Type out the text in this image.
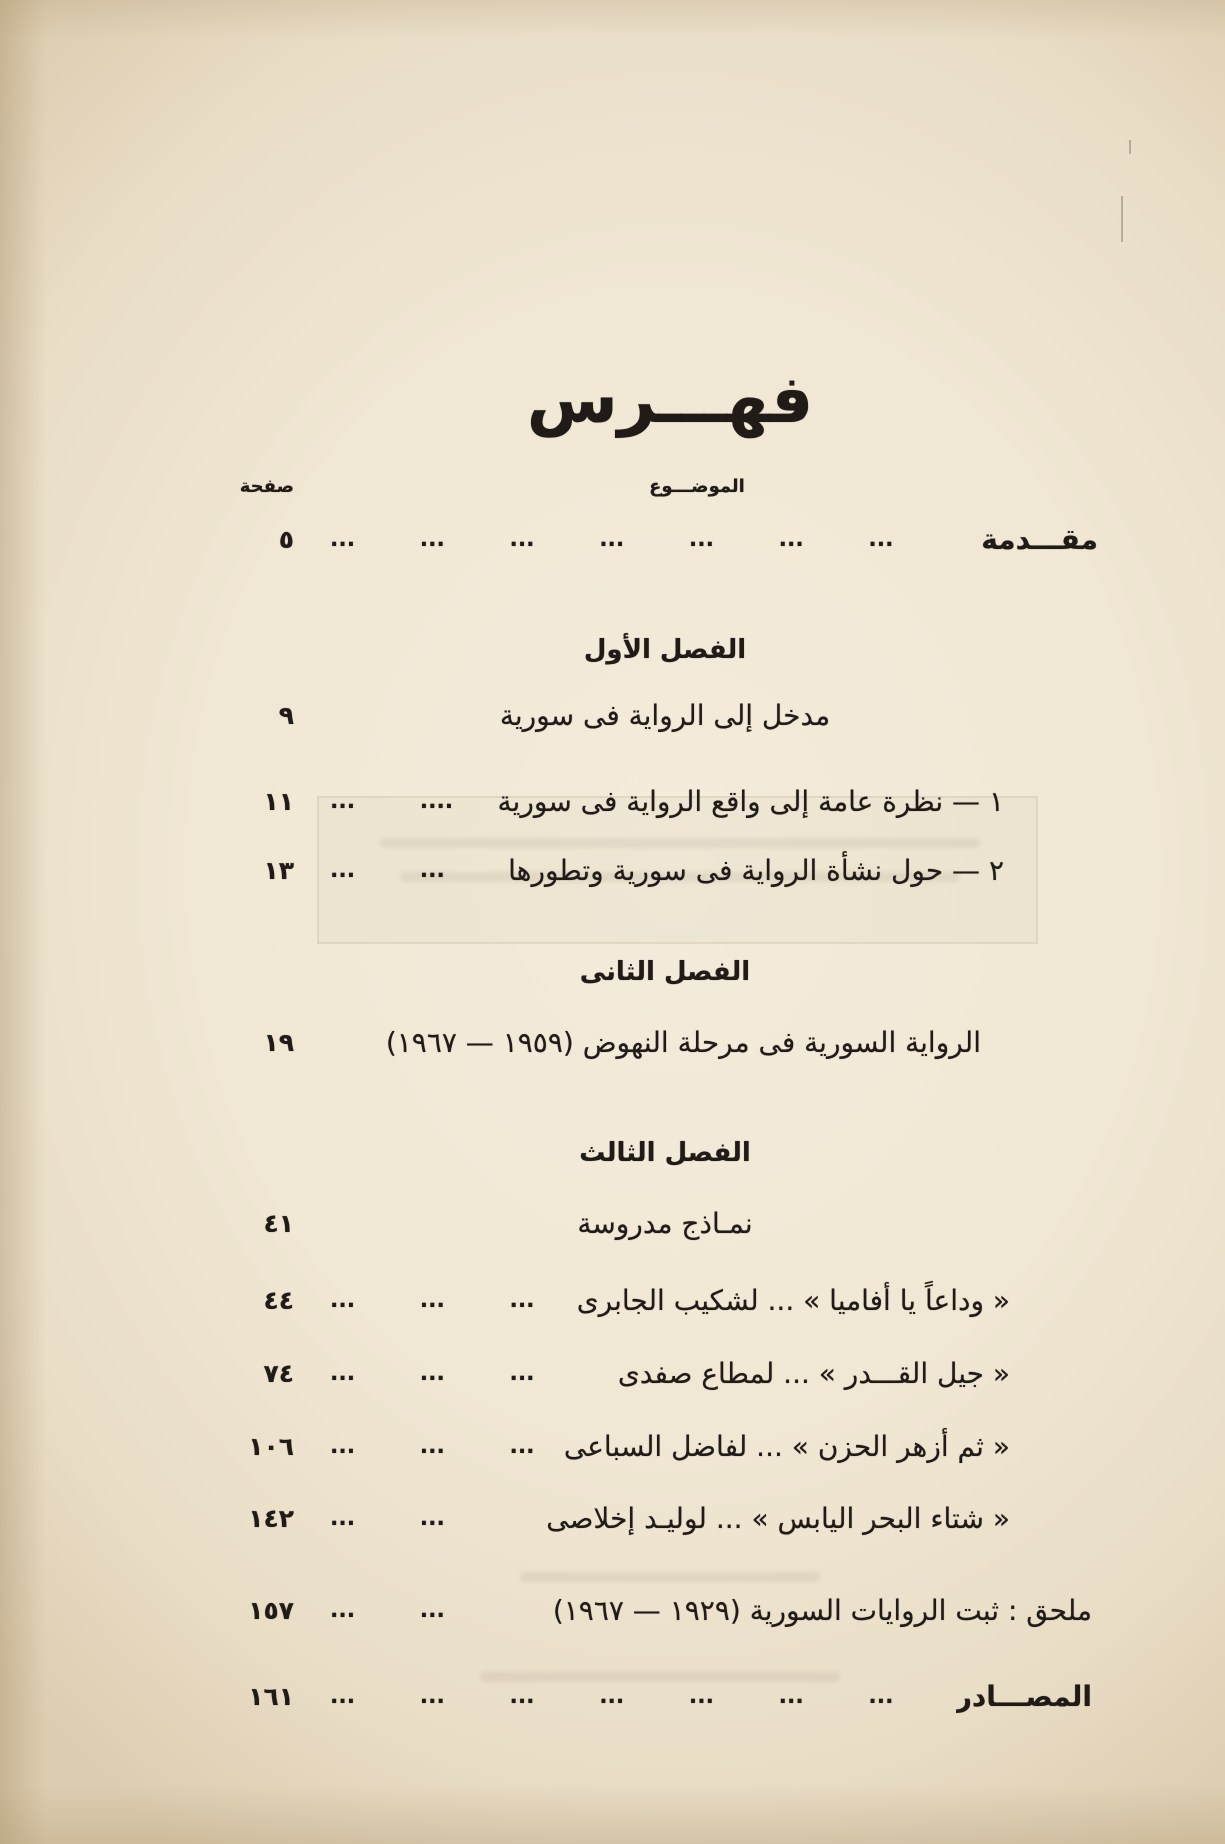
فهـــرس
الموضـــوع
صفحة
مقـــدمة
... ... ... ... ... ... ...
٥
الفصل الأول
مدخل إلى الرواية فى سورية
٩
١ — نظرة عامة إلى واقع الرواية فى سورية
... ....
١١
٢ — حول نشأة الرواية فى سورية وتطورها
... ...
١٣
الفصل الثانى
الرواية السورية فى مرحلة النهوض (١٩٥٩ — ١٩٦٧)
١٩
الفصل الثالث
نمـاذج مدروسة
٤١
« وداعاً يا أفاميا » ... لشكيب الجابرى
... ... ...
٤٤
« جيل القـــدر » ... لمطاع صفدى
... ... ...
٧٤
« ثم أزهر الحزن » ... لفاضل السباعى
... ... ...
١٠٦
« شتاء البحر اليابس » ... لوليـد إخلاصى
... ...
١٤٢
ملحق : ثبت الروايات السورية (١٩٢٩ — ١٩٦٧)
... ...
١٥٧
المصـــادر
... ... ... ... ... ... ...
١٦١
